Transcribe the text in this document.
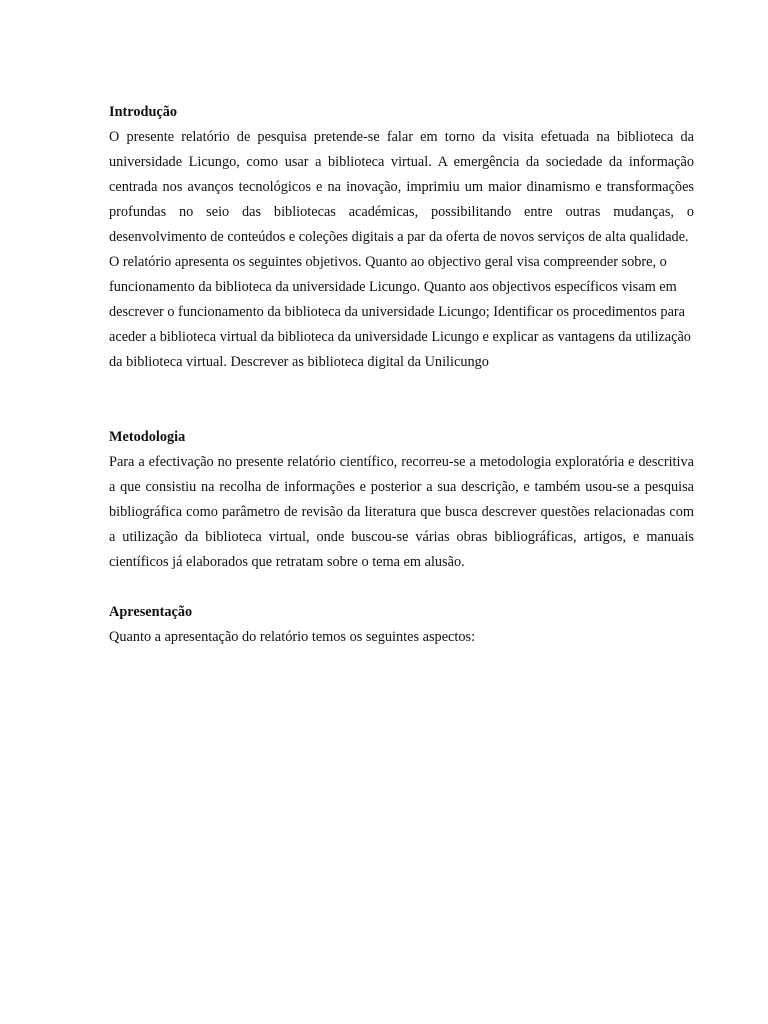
Introdução

O presente relatório de pesquisa pretende-se falar em torno da visita efetuada na biblioteca da universidade Licungo, como usar a biblioteca virtual. A emergência da sociedade da informação centrada nos avanços tecnológicos e na inovação, imprimiu um maior dinamismo e transformações profundas no seio das bibliotecas académicas, possibilitando entre outras mudanças, o desenvolvimento de conteúdos e coleções digitais a par da oferta de novos serviços de alta qualidade.

O relatório apresenta os seguintes objetivos. Quanto ao objectivo geral visa compreender sobre, o funcionamento da biblioteca da universidade Licungo. Quanto aos objectivos específicos visam em descrever o funcionamento da biblioteca da universidade Licungo; Identificar os procedimentos para aceder a biblioteca virtual da biblioteca da universidade Licungo e explicar as vantagens da utilização da biblioteca virtual. Descrever as biblioteca digital da Unilicungo

Metodologia

Para a efectivação no presente relatório científico, recorreu-se a metodologia exploratória e descritiva a que consistiu na recolha de informações e posterior a sua descrição, e também usou-se a pesquisa bibliográfica como parâmetro de revisão da literatura que busca descrever questões relacionadas com a utilização da biblioteca virtual, onde buscou-se várias obras bibliográficas, artigos, e manuais científicos já elaborados que retratam sobre o tema em alusão.

Apresentação

Quanto a apresentação do relatório temos os seguintes aspectos:
